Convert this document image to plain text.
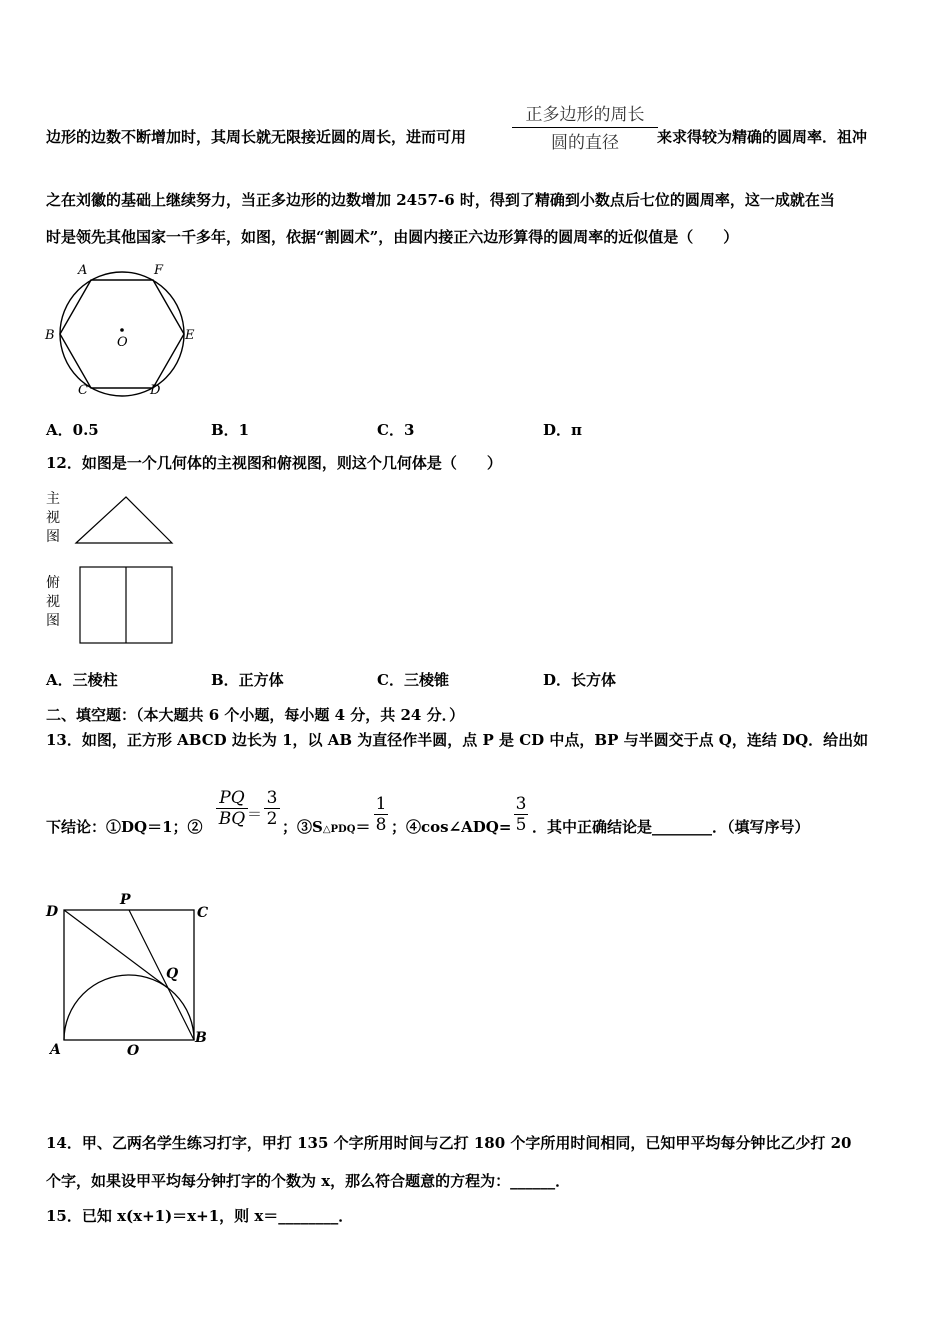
边形的边数不断增加时，其周长就无限接近圆的周长，进而可用
正多边形的周长
圆的直径	来求得较为精确的圆周率．祖冲
之在刘徽的基础上继续努力，当正多边形的边数增加 2457-6 时，得到了精确到小数点后七位的圆周率，这一成就在当
时是领先其他国家一千多年，如图，依据“割圆术”，由圆内接正六边形算得的圆周率的近似值是（　　）
A	F
B	E
C	D
O
A．0.5	B．1	C．3	D．π
12．如图是一个几何体的主视图和俯视图，则这个几何体是（　　）
主
视
图
俯
视
图
A．三棱柱	B．正方体	C．三棱锥	D．长方体
二、填空题：（本大题共 6 个小题，每小题 4 分，共 24 分．）
13．如图，正方形 ABCD 边长为 1，以 AB 为直径作半圆，点 P 是 CD 中点，BP 与半圆交于点 Q，连结 DQ．给出如
下结论：①DQ＝1；②
PQ
BQ ＝
3
2 ；③S△PDQ＝
1
8 ；④cos∠ADQ=
3
5 ．其中正确结论是________．（填写序号）
D
P
C
Q
A	O
B
14．甲、乙两名学生练习打字，甲打 135 个字所用时间与乙打 180 个字所用时间相同，已知甲平均每分钟比乙少打 20
个字，如果设甲平均每分钟打字的个数为 x，那么符合题意的方程为：______．
15．已知 x(x+1)＝x+1，则 x＝________．
